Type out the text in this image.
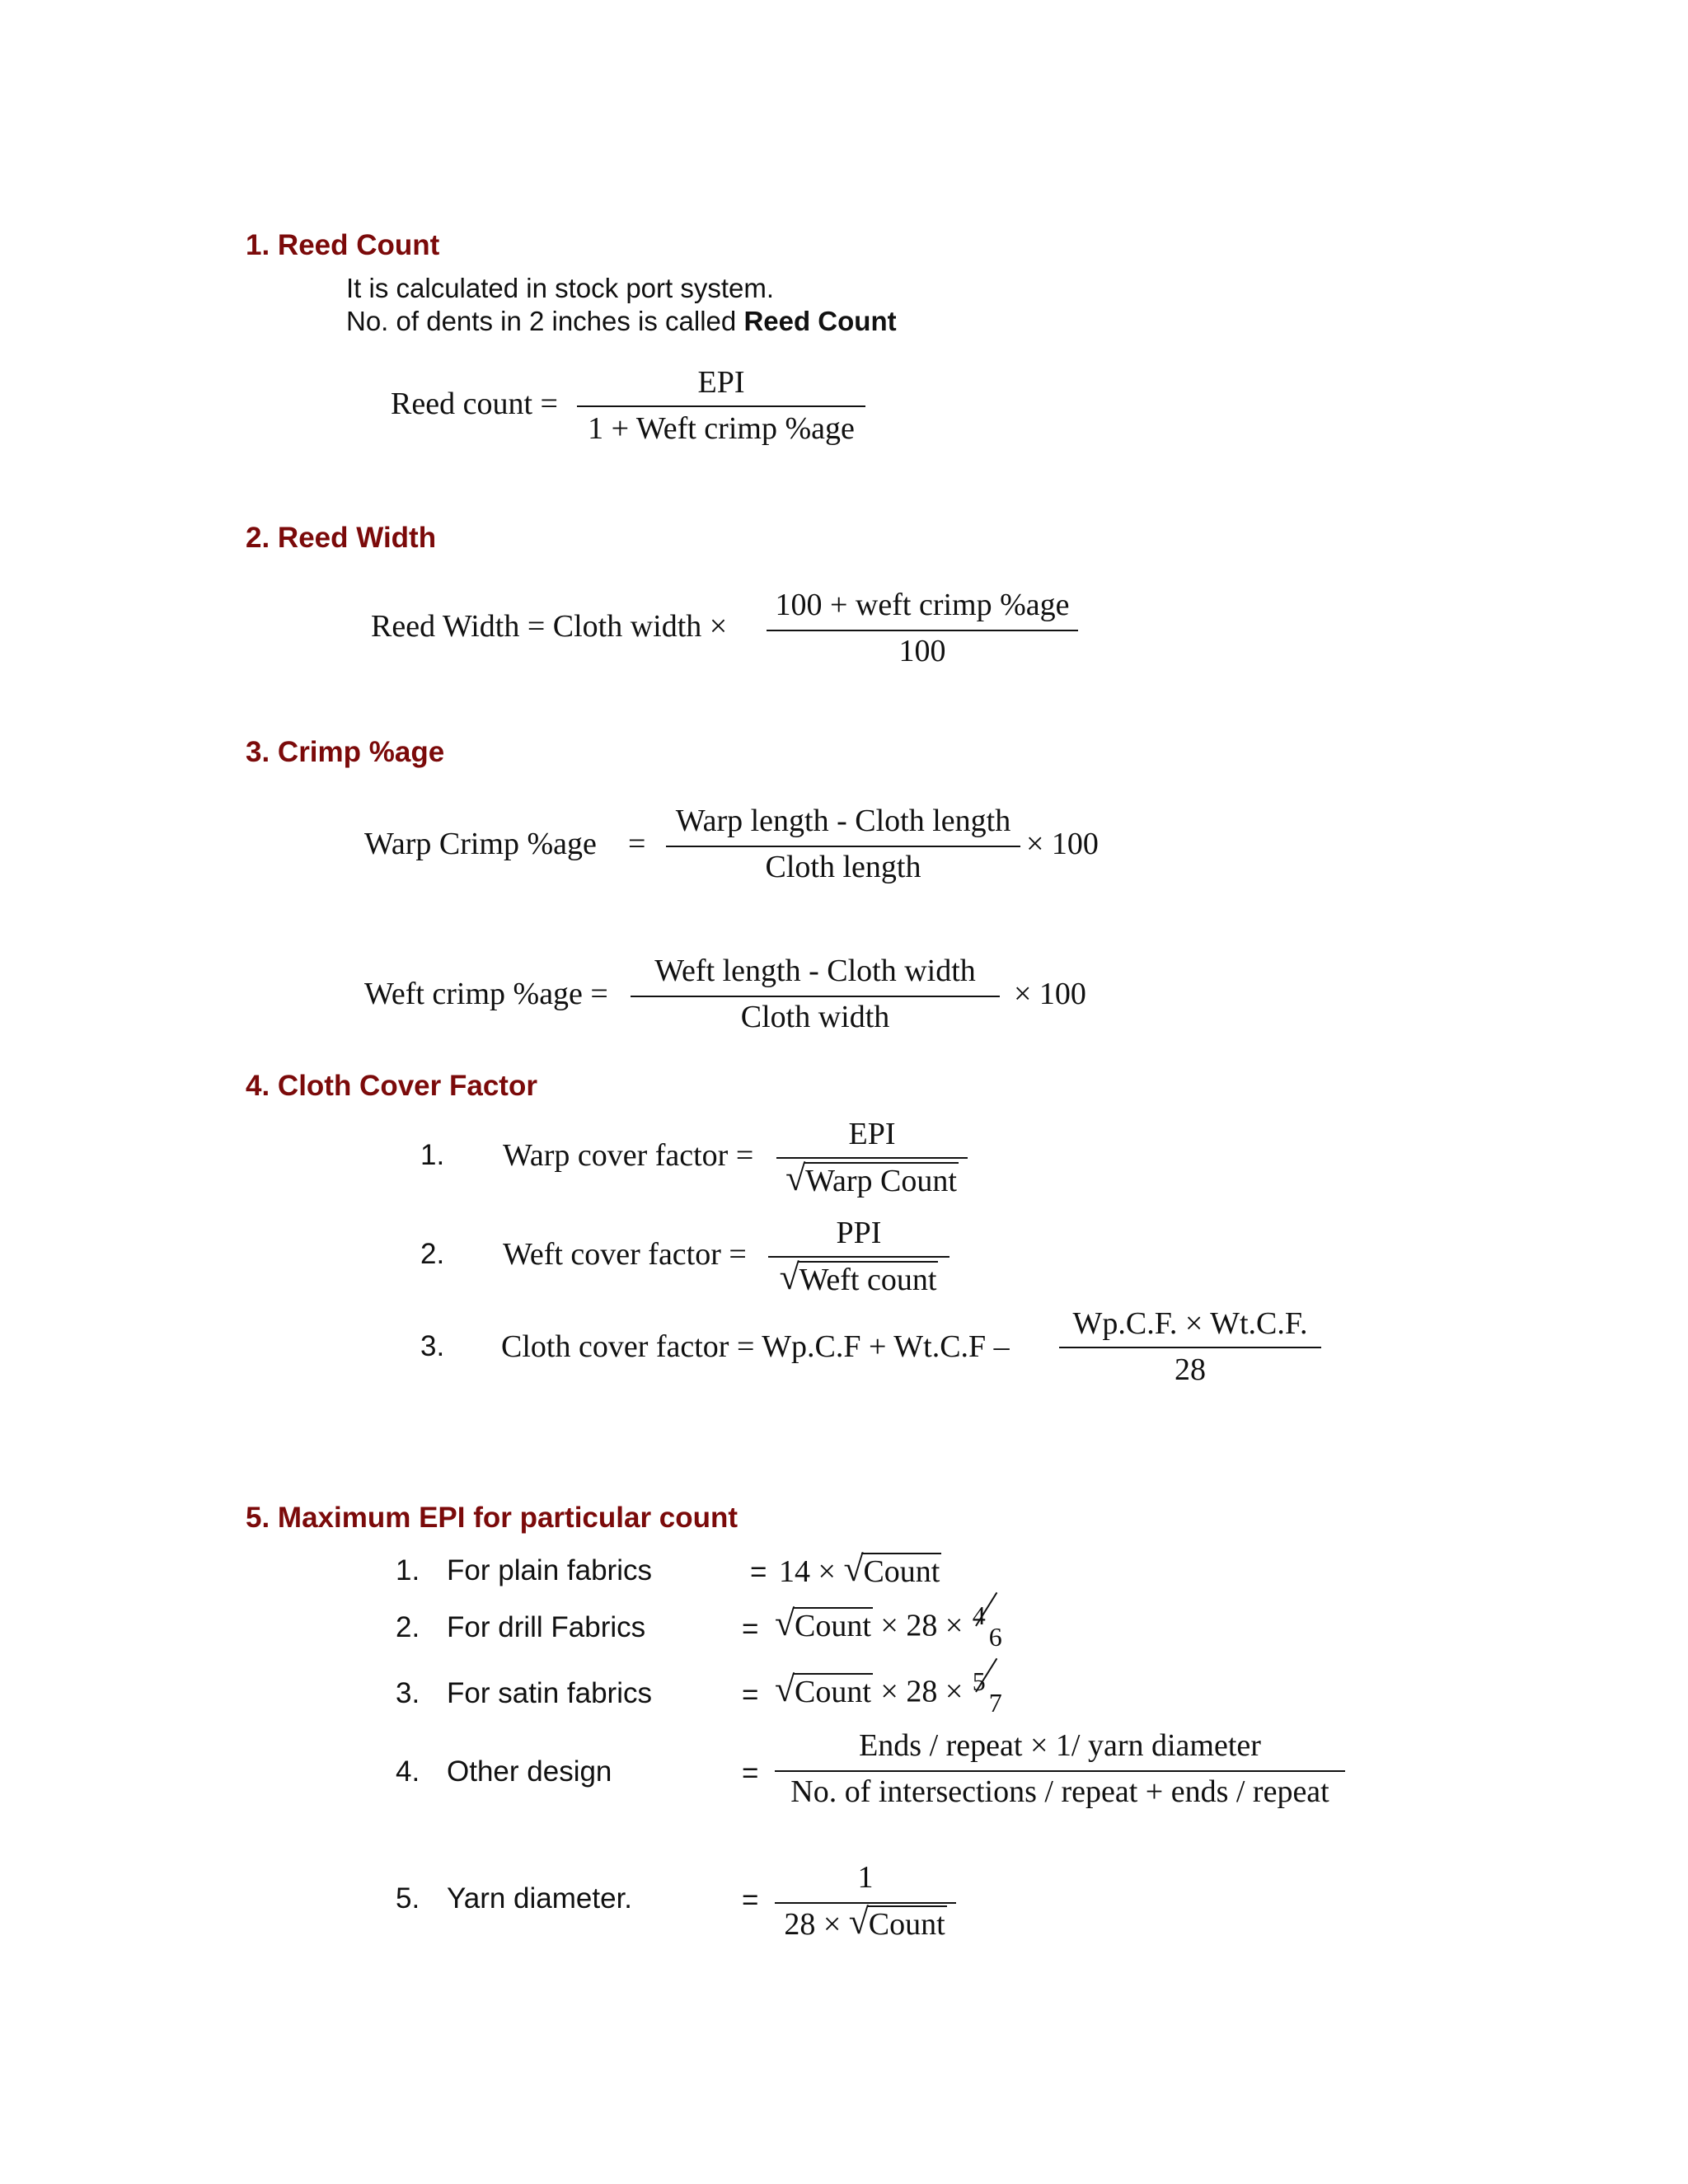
1. Reed Count
It is calculated in stock port system.
No. of dents in 2 inches is called Reed Count
Reed count =
EPI
1 + Weft crimp %age
2. Reed Width
Reed Width = Cloth width ×
100 + weft crimp %age
100
3. Crimp %age
Warp Crimp %age =
Warp length - Cloth length
Cloth length
× 100
Weft crimp %age =
Weft length - Cloth width
Cloth width
× 100
4. Cloth Cover Factor
1. Warp cover factor =
EPI
√ Warp Count
2. Weft cover factor =
PPI
√ Weft count
3. Cloth cover factor = Wp.C.F + Wt.C.F –
Wp.C.F. × Wt.C.F.
28
5. Maximum EPI for particular count
1. For plain fabrics	= 14 × √ Count
2. For drill Fabrics	= √ Count × 28 × 4
6
3. For satin fabrics	= √ Count × 28 × 5
7
4. Other design	=
Ends / repeat × 1/ yarn diameter
No. of intersections / repeat + ends / repeat
5. Yarn diameter.	=
1
28 × √ Count
